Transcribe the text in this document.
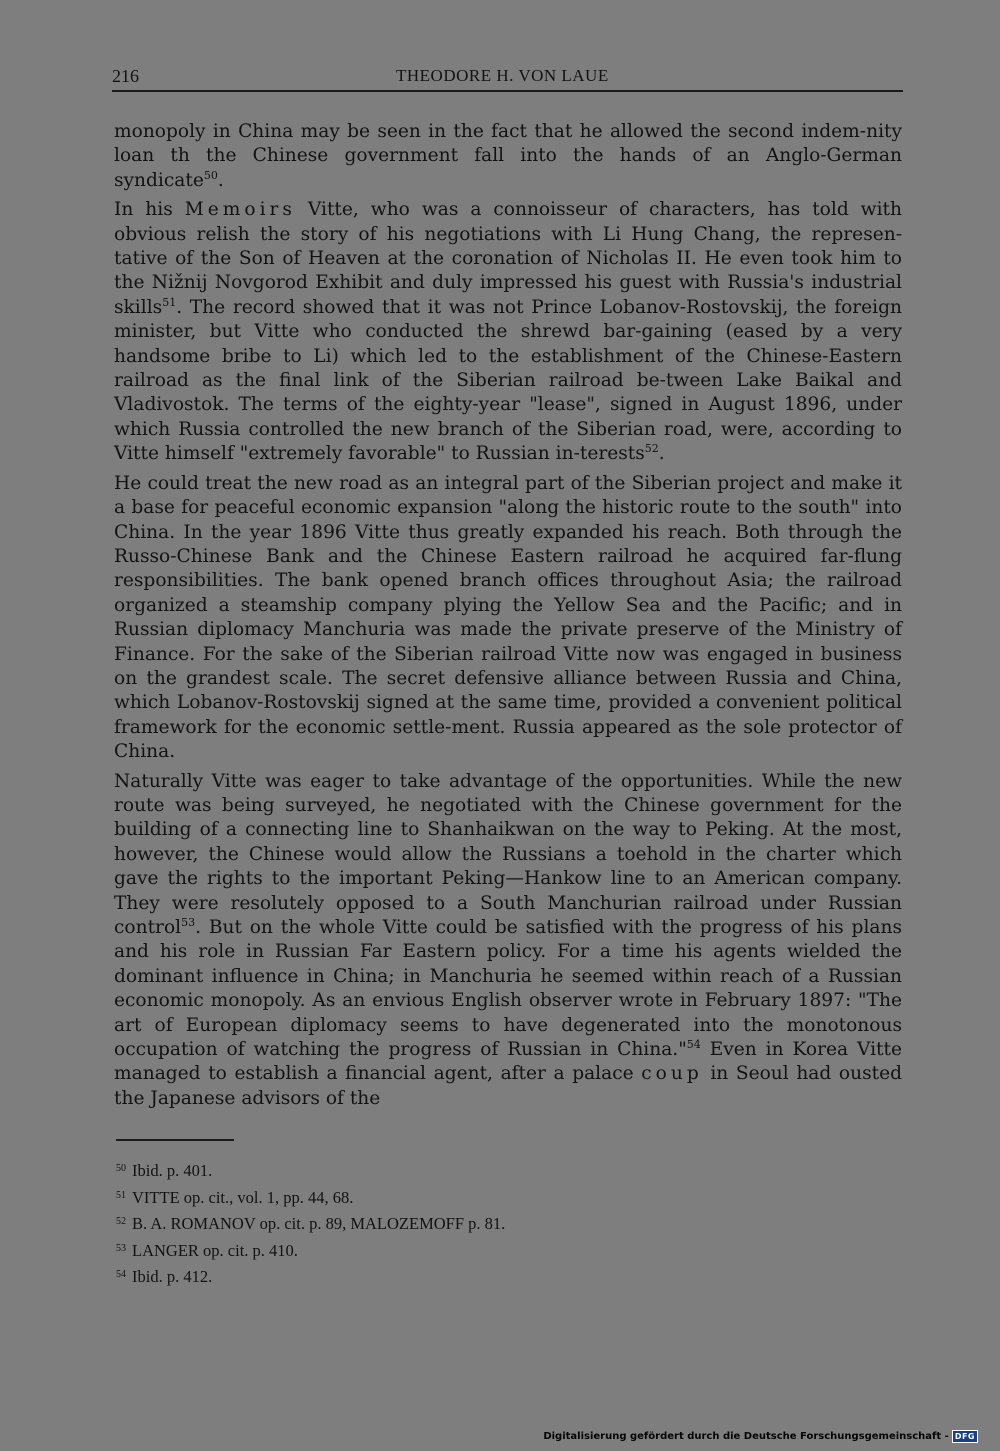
216	THEODORE H. VON LAUE

monopoly in China may be seen in the fact that he allowed the second indem-nity loan th the Chinese government fall into the hands of an Anglo-German syndicate$^{50}$.

In his Memoirs Vitte, who was a connoisseur of characters, has told with obvious relish the story of his negotiations with Li Hung Chang, the represen-tative of the Son of Heaven at the coronation of Nicholas II. He even took him to the Nižnij Novgorod Exhibit and duly impressed his guest with Russia's industrial skills$^{51}$. The record showed that it was not Prince Lobanov-Rostovskij, the foreign minister, but Vitte who conducted the shrewd bar-gaining (eased by a very handsome bribe to Li) which led to the establishment of the Chinese-Eastern railroad as the final link of the Siberian railroad be-tween Lake Baikal and Vladivostok. The terms of the eighty-year "lease", signed in August 1896, under which Russia controlled the new branch of the Siberian road, were, according to Vitte himself "extremely favorable" to Russian in-terests$^{52}$.

He could treat the new road as an integral part of the Siberian project and make it a base for peaceful economic expansion "along the historic route to the south" into China. In the year 1896 Vitte thus greatly expanded his reach. Both through the Russo-Chinese Bank and the Chinese Eastern railroad he acquired far-flung responsibilities. The bank opened branch offices throughout Asia; the railroad organized a steamship company plying the Yellow Sea and the Pacific; and in Russian diplomacy Manchuria was made the private preserve of the Ministry of Finance. For the sake of the Siberian railroad Vitte now was engaged in business on the grandest scale. The secret defensive alliance between Russia and China, which Lobanov-Rostovskij signed at the same time, provided a convenient political framework for the economic settle-ment. Russia appeared as the sole protector of China.

Naturally Vitte was eager to take advantage of the opportunities. While the new route was being surveyed, he negotiated with the Chinese government for the building of a connecting line to Shanhaikwan on the way to Peking. At the most, however, the Chinese would allow the Russians a toehold in the charter which gave the rights to the important Peking—Hankow line to an American company. They were resolutely opposed to a South Manchurian railroad under Russian control$^{53}$. But on the whole Vitte could be satisfied with the progress of his plans and his role in Russian Far Eastern policy. For a time his agents wielded the dominant influence in China; in Manchuria he seemed within reach of a Russian economic monopoly. As an envious English observer wrote in February 1897: "The art of European diplomacy seems to have degenerated into the monotonous occupation of watching the progress of Russian in China."$^{54}$ Even in Korea Vitte managed to establish a financial agent, after a palace coup in Seoul had ousted the Japanese advisors of the

$^{50}$ Ibid. p. 401.
$^{51}$ VITTE op. cit., vol. 1, pp. 44, 68.
$^{52}$ B. A. ROMANOV op. cit. p. 89, MALOZEMOFF p. 81.
$^{53}$ LANGER op. cit. p. 410.
$^{54}$ Ibid. p. 412.
Digitalisierung gefördert durch die Deutsche Forschungsgemeinschaft - DFG
